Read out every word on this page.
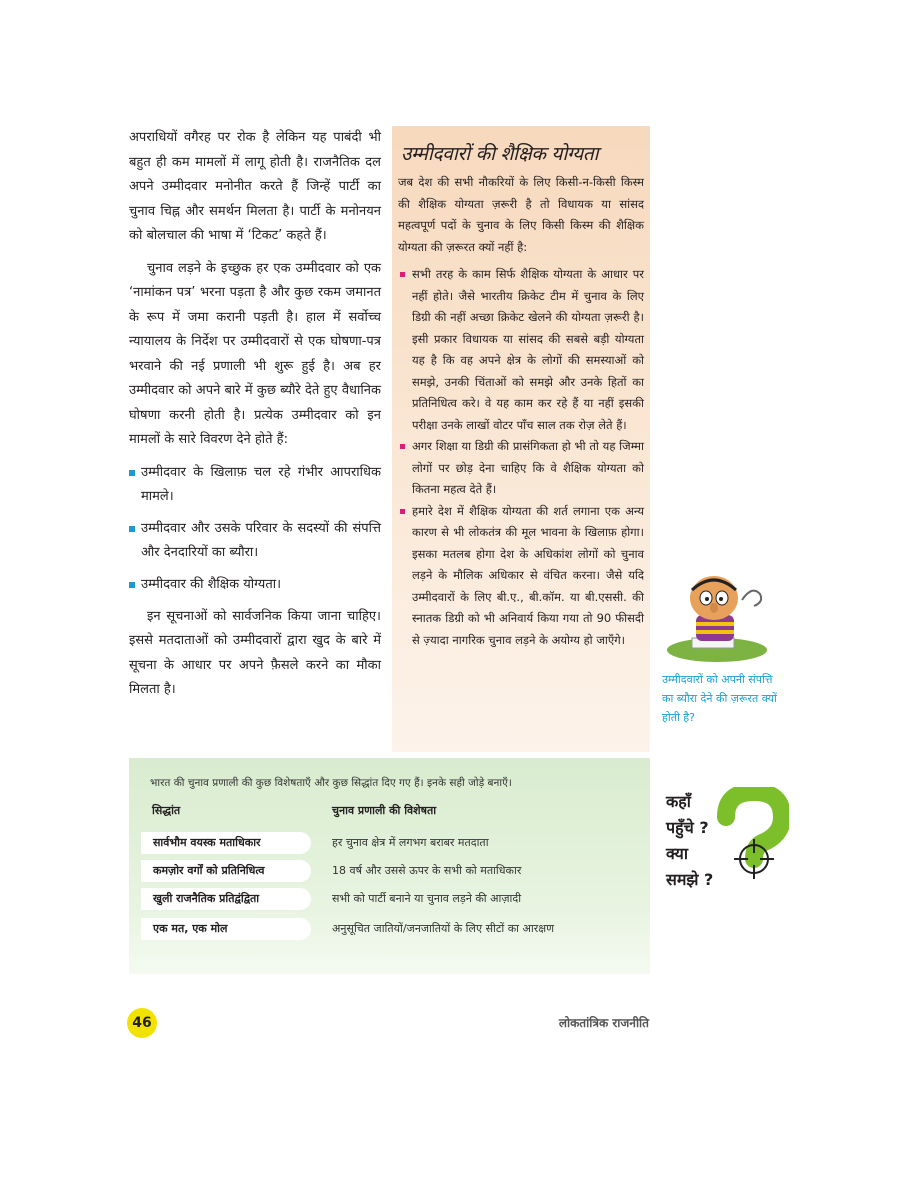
अपराधियों वगैरह पर रोक है लेकिन यह पाबंदी भी बहुत ही कम मामलों में लागू होती है। राजनैतिक दल अपने उम्मीदवार मनोनीत करते हैं जिन्हें पार्टी का चुनाव चिह्न और समर्थन मिलता है। पार्टी के मनोनयन को बोलचाल की भाषा में ‘टिकट’ कहते हैं।

चुनाव लड़ने के इच्छुक हर एक उम्मीदवार को एक ‘नामांकन पत्र’ भरना पड़ता है और कुछ रकम जमानत के रूप में जमा करानी पड़ती है। हाल में सर्वोच्च न्यायालय के निर्देश पर उम्मीदवारों से एक घोषणा-पत्र भरवाने की नई प्रणाली भी शुरू हुई है। अब हर उम्मीदवार को अपने बारे में कुछ ब्यौरे देते हुए वैधानिक घोषणा करनी होती है। प्रत्येक उम्मीदवार को इन मामलों के सारे विवरण देने होते हैं:

उम्मीदवार के खिलाफ़ चल रहे गंभीर आपराधिक मामले।
उम्मीदवार और उसके परिवार के सदस्यों की संपत्ति और देनदारियों का ब्यौरा।
उम्मीदवार की शैक्षिक योग्यता।

इन सूचनाओं को सार्वजनिक किया जाना चाहिए। इससे मतदाताओं को उम्मीदवारों द्वारा खुद के बारे में सूचना के आधार पर अपने फ़ैसले करने का मौका मिलता है।

उम्मीदवारों की शैक्षिक योग्यता

जब देश की सभी नौकरियों के लिए किसी-न-किसी किस्म की शैक्षिक योग्यता ज़रूरी है तो विधायक या सांसद महत्वपूर्ण पदों के चुनाव के लिए किसी किस्म की शैक्षिक योग्यता की ज़रूरत क्यों नहीं है:

सभी तरह के काम सिर्फ शैक्षिक योग्यता के आधार पर नहीं होते। जैसे भारतीय क्रिकेट टीम में चुनाव के लिए डिग्री की नहीं अच्छा क्रिकेट खेलने की योग्यता ज़रूरी है। इसी प्रकार विधायक या सांसद की सबसे बड़ी योग्यता यह है कि वह अपने क्षेत्र के लोगों की समस्याओं को समझे, उनकी चिंताओं को समझे और उनके हितों का प्रतिनिधित्व करे। वे यह काम कर रहे हैं या नहीं इसकी परीक्षा उनके लाखों वोटर पाँच साल तक रोज़ लेते हैं।
अगर शिक्षा या डिग्री की प्रासंगिकता हो भी तो यह जिम्मा लोगों पर छोड़ देना चाहिए कि वे शैक्षिक योग्यता को कितना महत्व देते हैं।
हमारे देश में शैक्षिक योग्यता की शर्त लगाना एक अन्य कारण से भी लोकतंत्र की मूल भावना के खिलाफ़ होगा। इसका मतलब होगा देश के अधिकांश लोगों को चुनाव लड़ने के मौलिक अधिकार से वंचित करना। जैसे यदि उम्मीदवारों के लिए बी.ए., बी.कॉम. या बी.एससी. की स्नातक डिग्री को भी अनिवार्य किया गया तो 90 फीसदी से ज़्यादा नागरिक चुनाव लड़ने के अयोग्य हो जाएँगे।
उम्मीदवारों को अपनी संपत्ति का ब्यौरा देने की ज़रूरत क्यों होती है?
भारत की चुनाव प्रणाली की कुछ विशेषताएँ और कुछ सिद्धांत दिए गए हैं। इनके सही जोड़े बनाएँ।
सिद्धांत	चुनाव प्रणाली की विशेषता
सार्वभौम वयस्क मताधिकार	हर चुनाव क्षेत्र में लगभग बराबर मतदाता
कमज़ोर वर्गों को प्रतिनिधित्व	18 वर्ष और उससे ऊपर के सभी को मताधिकार
खुली राजनैतिक प्रतिद्वंद्विता	सभी को पार्टी बनाने या चुनाव लड़ने की आज़ादी
एक मत, एक मोल	अनुसूचित जातियों/जनजातियों के लिए सीटों का आरक्षण
कहाँ
पहुँचे ?
क्या
समझे ?
46	लोकतांत्रिक राजनीति
